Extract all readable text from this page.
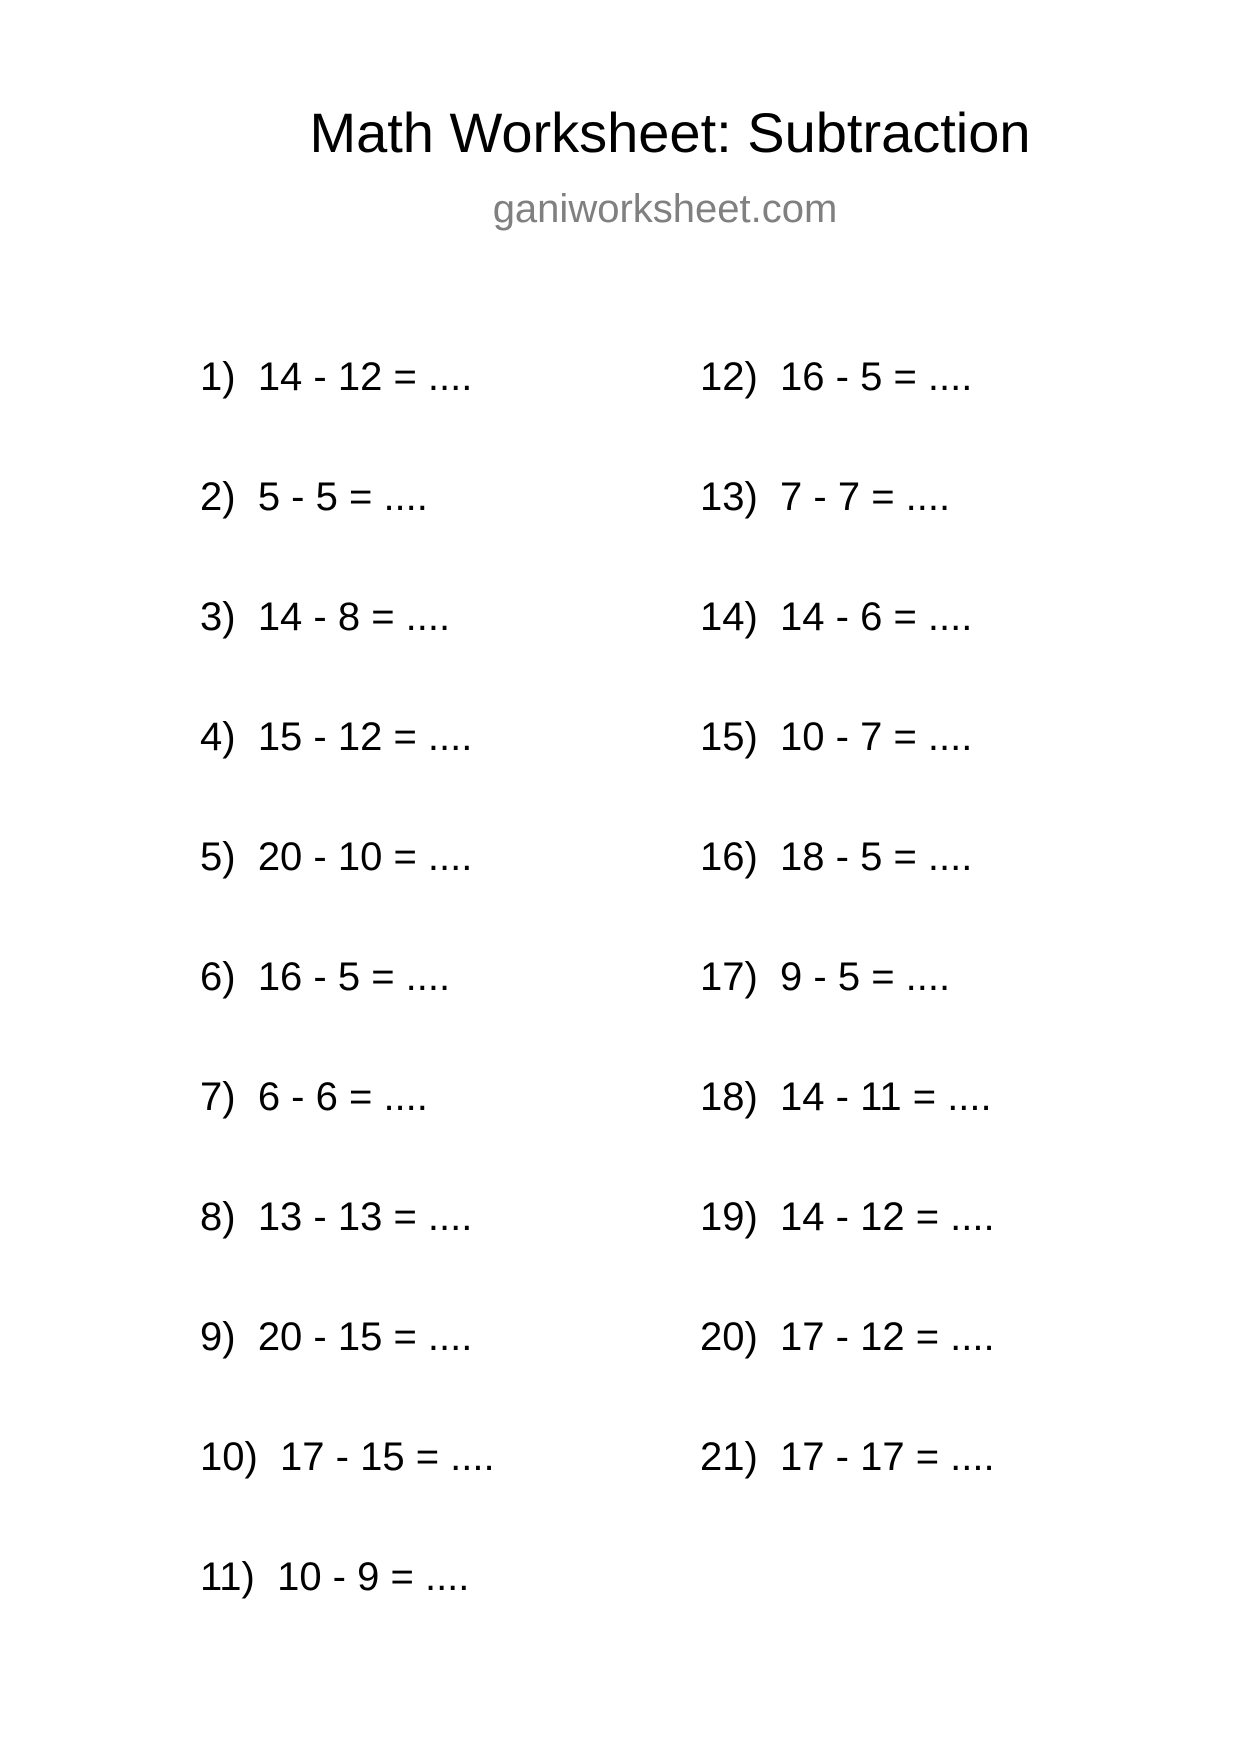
Math Worksheet: Subtraction
ganiworksheet.com
1) 14 - 12 = ....
2) 5 - 5 = ....
3) 14 - 8 = ....
4) 15 - 12 = ....
5) 20 - 10 = ....
6) 16 - 5 = ....
7) 6 - 6 = ....
8) 13 - 13 = ....
9) 20 - 15 = ....
10) 17 - 15 = ....
11) 10 - 9 = ....
12) 16 - 5 = ....
13) 7 - 7 = ....
14) 14 - 6 = ....
15) 10 - 7 = ....
16) 18 - 5 = ....
17) 9 - 5 = ....
18) 14 - 11 = ....
19) 14 - 12 = ....
20) 17 - 12 = ....
21) 17 - 17 = ....
